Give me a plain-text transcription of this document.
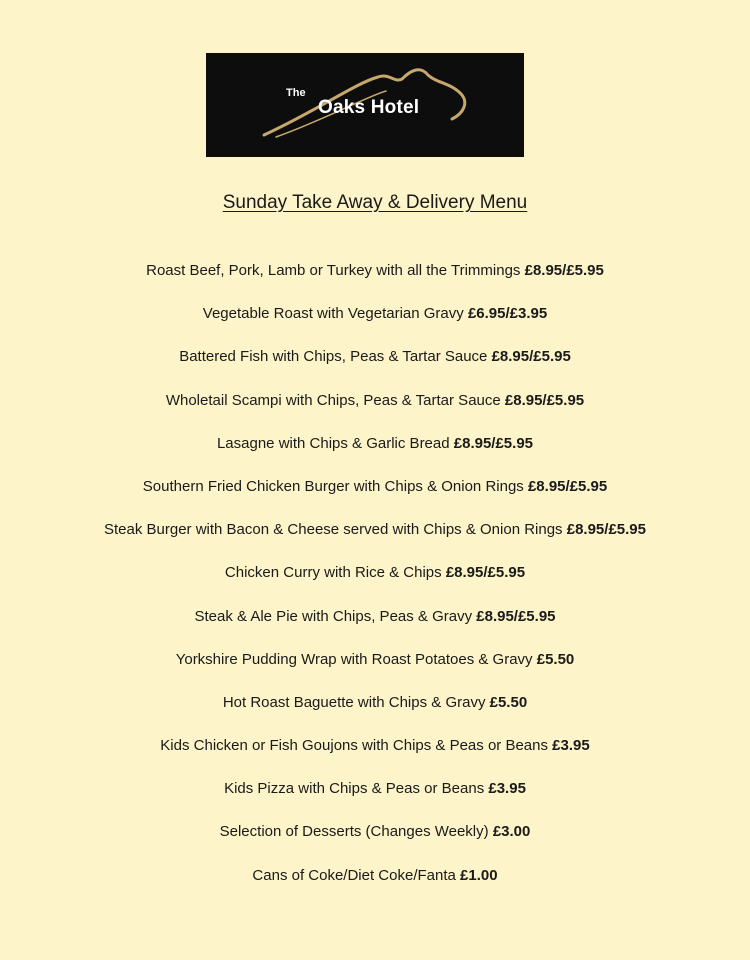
The
Oaks Hotel
Sunday Take Away & Delivery Menu
Roast Beef, Pork, Lamb or Turkey with all the Trimmings £8.95/£5.95
Vegetable Roast with Vegetarian Gravy £6.95/£3.95
Battered Fish with Chips, Peas & Tartar Sauce £8.95/£5.95
Wholetail Scampi with Chips, Peas & Tartar Sauce £8.95/£5.95
Lasagne with Chips & Garlic Bread £8.95/£5.95
Southern Fried Chicken Burger with Chips & Onion Rings £8.95/£5.95
Steak Burger with Bacon & Cheese served with Chips & Onion Rings £8.95/£5.95
Chicken Curry with Rice & Chips £8.95/£5.95
Steak & Ale Pie with Chips, Peas & Gravy £8.95/£5.95
Yorkshire Pudding Wrap with Roast Potatoes & Gravy £5.50
Hot Roast Baguette with Chips & Gravy £5.50
Kids Chicken or Fish Goujons with Chips & Peas or Beans £3.95
Kids Pizza with Chips & Peas or Beans £3.95
Selection of Desserts (Changes Weekly) £3.00
Cans of Coke/Diet Coke/Fanta £1.00
